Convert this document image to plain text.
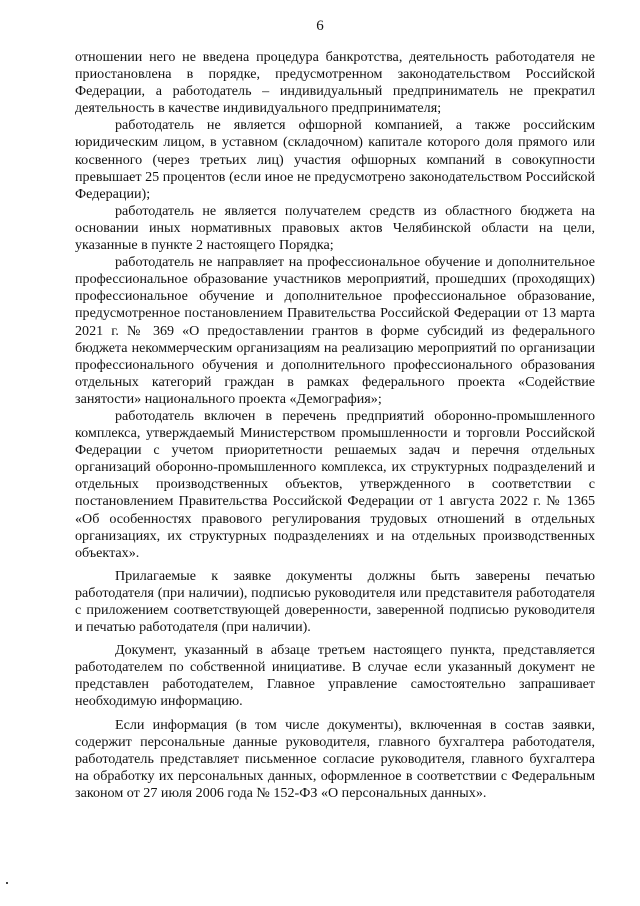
6

отношении него не введена процедура банкротства, деятельность работодателя не приостановлена в порядке, предусмотренном законодательством Российской Федерации, а работодатель – индивидуальный предприниматель не прекратил деятельность в качестве индивидуального предпринимателя;

работодатель не является офшорной компанией, а также российским юридическим лицом, в уставном (складочном) капитале которого доля прямого или косвенного (через третьих лиц) участия офшорных компаний в совокупности превышает 25 процентов (если иное не предусмотрено законодательством Российской Федерации);

работодатель не является получателем средств из областного бюджета на основании иных нормативных правовых актов Челябинской области на цели, указанные в пункте 2 настоящего Порядка;

работодатель не направляет на профессиональное обучение и дополнительное профессиональное образование участников мероприятий, прошедших (проходящих) профессиональное обучение и дополнительное профессиональное образование, предусмотренное постановлением Правительства Российской Федерации от 13 марта 2021 г. № 369 «О предоставлении грантов в форме субсидий из федерального бюджета некоммерческим организациям на реализацию мероприятий по организации профессионального обучения и дополнительного профессионального образования отдельных категорий граждан в рамках федерального проекта «Содействие занятости» национального проекта «Демография»;

работодатель включен в перечень предприятий оборонно-промышленного комплекса, утверждаемый Министерством промышленности и торговли Российской Федерации с учетом приоритетности решаемых задач и перечня отдельных организаций оборонно-промышленного комплекса, их структурных подразделений и отдельных производственных объектов, утвержденного в соответствии с постановлением Правительства Российской Федерации от 1 августа 2022 г. № 1365 «Об особенностях правового регулирования трудовых отношений в отдельных организациях, их структурных подразделениях и на отдельных производственных объектах».

Прилагаемые к заявке документы должны быть заверены печатью работодателя (при наличии), подписью руководителя или представителя работодателя с приложением соответствующей доверенности, заверенной подписью руководителя и печатью работодателя (при наличии).

Документ, указанный в абзаце третьем настоящего пункта, представляется работодателем по собственной инициативе. В случае если указанный документ не представлен работодателем, Главное управление самостоятельно запрашивает необходимую информацию.

Если информация (в том числе документы), включенная в состав заявки, содержит персональные данные руководителя, главного бухгалтера работодателя, работодатель представляет письменное согласие руководителя, главного бухгалтера на обработку их персональных данных, оформленное в соответствии с Федеральным законом от 27 июля 2006 года № 152-ФЗ «О персональных данных».
